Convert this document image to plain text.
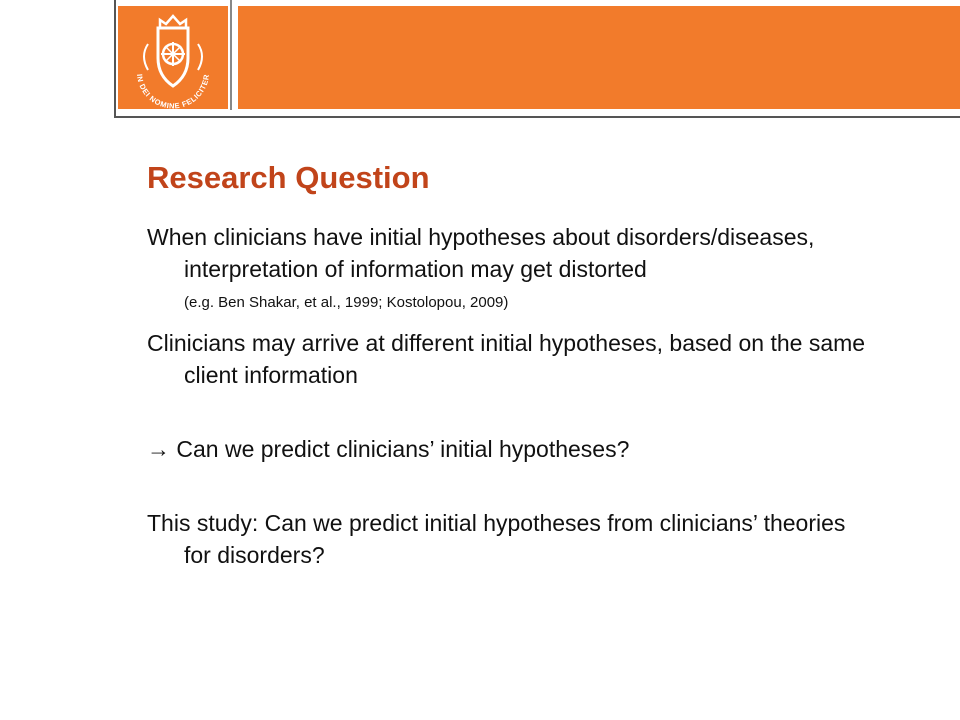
IN DEI NOMINE FELICITER
Research Question

When clinicians have initial hypotheses about disorders/diseases, interpretation of information may get distorted

(e.g. Ben Shakar, et al., 1999; Kostolopou, 2009)

Clinicians may arrive at different initial hypotheses, based on the same client information

→ Can we predict clinicians’ initial hypotheses?

This study: Can we predict initial hypotheses from clinicians’ theories for disorders?
